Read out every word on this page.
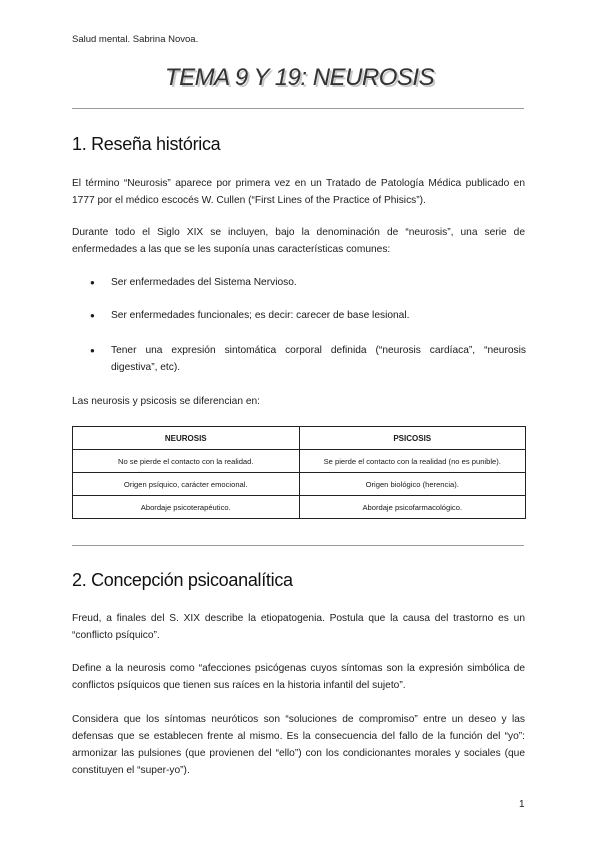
Salud mental. Sabrina Novoa.
TEMA 9 Y 19: NEUROSIS
1. Reseña histórica

El término “Neurosis” aparece por primera vez en un Tratado de Patología Médica publicado en 1777 por el médico escocés W. Cullen (“First Lines of the Practice of Phisics”).

Durante todo el Siglo XIX se incluyen, bajo la denominación de “neurosis”, una serie de enfermedades a las que se les suponía unas características comunes:

● Ser enfermedades del Sistema Nervioso.
● Ser enfermedades funcionales; es decir: carecer de base lesional.
● Tener una expresión sintomática corporal definida (“neurosis cardíaca”, “neurosis digestiva”, etc).

Las neurosis y psicosis se diferencian en:

NEUROSIS	PSICOSIS
No se pierde el contacto con la realidad.	Se pierde el contacto con la realidad (no es punible).
Origen psíquico, carácter emocional.	Origen biológico (herencia).
Abordaje psicoterapéutico.	Abordaje psicofarmacológico.
2. Concepción psicoanalítica

Freud, a finales del S. XIX describe la etiopatogenia. Postula que la causa del trastorno es un “conflicto psíquico”.

Define a la neurosis como “afecciones psicógenas cuyos síntomas son la expresión simbólica de conflictos psíquicos que tienen sus raíces en la historia infantil del sujeto”.

Considera que los síntomas neuróticos son “soluciones de compromiso” entre un deseo y las defensas que se establecen frente al mismo. Es la consecuencia del fallo de la función del “yo”: armonizar las pulsiones (que provienen del “ello”) con los condicionantes morales y sociales (que constituyen el “super-yo”).

1
